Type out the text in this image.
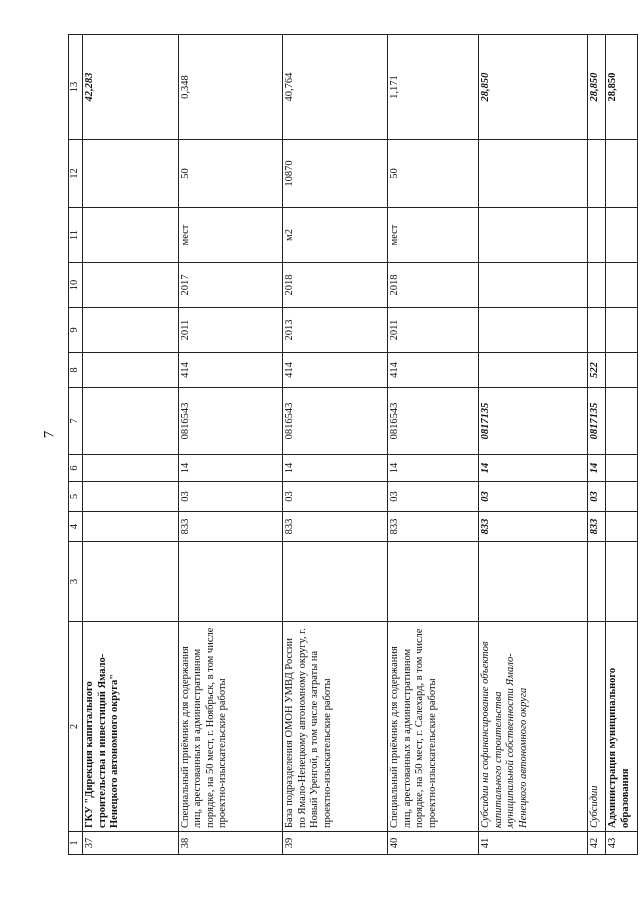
7
1	2	3	4	5	6	7	8	9	10	11	12	13
37	ГКУ "Дирекция капитального строительства и инвестиций Ямало-Ненецкого автономного округа"											42,283
38	Специальный приёмник для содержания лиц, арестованных в административном порядке, на 50 мест, г. Ноябрьск, в том числе проектно-изыскательские работы		833	03	14	0816543	414	2011	2017	мест	50	0,348
39	База подразделения ОМОН УМВД России по Ямало-Ненецкому автономному округу, г. Новый Уренгой, в том числе затраты на проектно-изыскательские работы		833	03	14	0816543	414	2013	2018	м2	10870	40,764
40	Специальный приёмник для содержания лиц, арестованных в административном порядке, на 50 мест, г. Салехард, в том числе проектно-изыскательские работы		833	03	14	0816543	414	2011	2018	мест	50	1,171
41	Субсидии на софинансирование объектов капитального строительства муниципальной собственности Ямало-Ненецкого автономного округа		833	03	14	0817135						28,850
42	Субсидии		833	03	14	0817135	522					28,850
43	Администрация муниципального образования											28,850
